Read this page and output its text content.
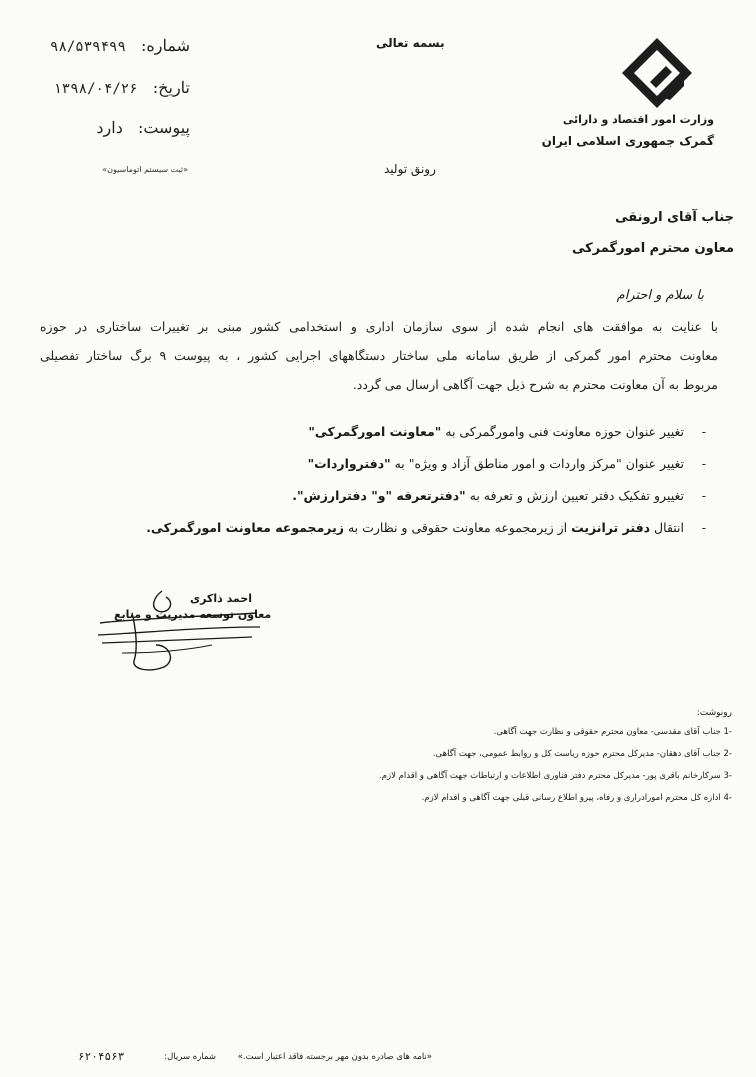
وزارت امور اقتصاد و دارائی
گمرک جمهوری اسلامی ایران
بسمه تعالی
شماره: ۹۸/۵۳۹۴۹۹
تاریخ: ۱۳۹۸/۰۴/۲۶
پیوست: دارد
«ثبت سیستم اتوماسیون»	رونق تولید
جناب آقای ارونقی
معاون محترم امورگمرکی
با سلام و احترام
با عنایت به موافقت های انجام شده از سوی سازمان اداری و استخدامی کشور مبنی بر تغییرات ساختاری در حوزه
معاونت محترم امور گمرکی از طریق سامانه ملی ساختار دستگاههای اجرایی کشور ، به پیوست ۹ برگ ساختار تفصیلی
مربوط به آن معاونت محترم به شرح ذیل جهت آگاهی ارسال می گردد.
-
تغییر عنوان حوزه معاونت فنی وامورگمرکی به "معاونت امورگمرکی"
-
تغییر عنوان "مرکز واردات و امور مناطق آزاد و ویژه" به "دفترواردات"
-
تغییرو تفکیک دفتر تعیین ارزش و تعرفه به "دفترتعرفه "و" دفترارزش".
-
انتقال دفتر ترانزیت از زیرمجموعه معاونت حقوقی و نظارت به زیرمجموعه معاونت امورگمرکی.
احمد ذاکری
معاون توسعه مدیریت و منابع
رونوشت:
-1 جناب آقای مقدسی- معاون محترم حقوقی و نظارت جهت آگاهی.
-2 جناب آقای دهقان- مدیرکل محترم حوزه ریاست کل و روابط عمومی، جهت آگاهی.
-3 سرکارخانم باقری پور- مدیرکل محترم دفتر فناوری اطلاعات و ارتباطات جهت آگاهی و اقدام لازم.
-4 اداره کل محترم امورادراری و رفاه، پیرو اطلاع رسانی قبلی جهت آگاهی و اقدام لازم.
«نامه های صادره بدون مهر برجسته فاقد اعتبار است.»
شماره سریال:
۶۲۰۴۵۶۳
